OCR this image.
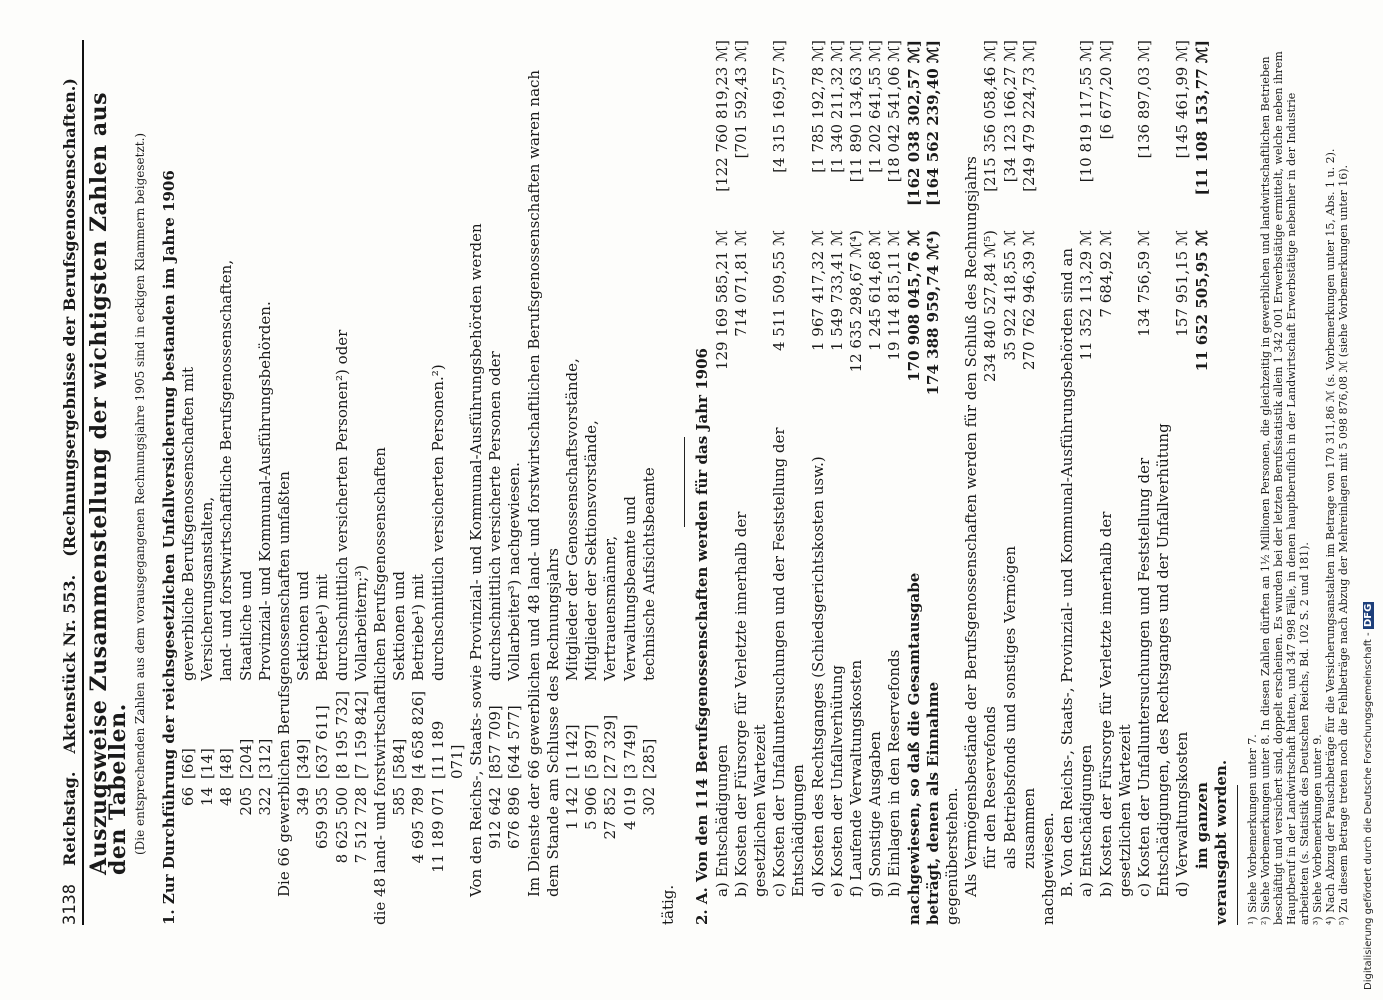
3138
Reichstag.
Aktenstück Nr. 553.
(Rechnungsergebnisse der Berufsgenossenschaften.) Auszugsweise Zusammenstellung der wichtigsten Zahlen aus den Tabellen. (Die entsprechenden Zahlen aus dem vorausgegangenen Rechnungsjahre 1905 sind in eckigen Klammern beigesetzt.) 1. Zur Durchführung der reichsgesetzlichen Unfallversicherung bestanden im Jahre 1906 66
[66]
gewerbliche Berufsgenossenschaften mit
14
[14]
Versicherungsanstalten,
48
[48]
land- und forstwirtschaftliche Berufsgenossenschaften,
205
[204]
Staatliche und
322
[312]
Provinzial- und Kommunal-Ausführungsbehörden. Die 66 gewerblichen Berufsgenossenschaften umfaßten 349
[349]
Sektionen und
659 935
[637 611]
Betriebe¹) mit
8 625 500
[8 195 732]
durchschnittlich versicherten Personen²) oder
7 512 728
[7 159 842]
Vollarbeitern;³) die 48 land- und forstwirtschaftlichen Berufsgenossenschaften 585
[584]
Sektionen und
4 695 789
[4 658 826]
Betriebe¹) mit
11 189 071
[11 189 071]
durchschnittlich versicherten Personen.²)	Von den Reichs-, Staats- sowie Provinzial- und Kommunal-Ausführungsbehörden werden 912 642
[857 709]
durchschnittlich versicherte Personen oder
676 896
[644 577]
Vollarbeiter³) nachgewiesen. Im Dienste der 66 gewerblichen und 48 land- und forstwirtschaftlichen Berufsgenossenschaften waren nach dem Stande am Schlusse des Rechnungsjahrs 1 142
[1 142]
Mitglieder der Genossenschaftsvorstände,
5 906
[5 897]
Mitglieder der Sektionsvorstände,
27 852
[27 329]
Vertrauensmänner,
4 019
[3 749]
Verwaltungsbeamte und
302
[285]
technische Aufsichtsbeamte

tätig. 2. A. Von den 114 Berufsgenossenschaften werden für das Jahr 1906 a) Entschädigungen
129 169 585,21 ℳ
[122 760 819,23 ℳ]
b) Kosten der Fürsorge für Verletzte innerhalb der gesetzlichen Wartezeit
714 071,81 ℳ
[701 592,43 ℳ]
c) Kosten der Unfalluntersuchungen und der Feststellung der Entschädigungen
4 511 509,55 ℳ
[4 315 169,57 ℳ]
d) Kosten des Rechtsganges (Schiedsgerichtskosten usw.)
1 967 417,32 ℳ
[1 785 192,78 ℳ]
e) Kosten der Unfallverhütung
1 549 733,41 ℳ
[1 340 211,32 ℳ]
f) Laufende Verwaltungskosten
12 635 298,67 ℳ⁴)
[11 890 134,63 ℳ]
g) Sonstige Ausgaben
1 245 614,68 ℳ
[1 202 641,55 ℳ]
h) Einlagen in den Reservefonds
19 114 815,11 ℳ
[18 042 541,06 ℳ]
nachgewiesen, so daß die Gesamtausgabe
170 908 045,76 ℳ
[162 038 302,57 ℳ]
beträgt, denen als Einnahme
174 388 959,74 ℳ⁴)
[164 562 239,40 ℳ]

gegenüberstehen. Als Vermögensbestände der Berufsgenossenschaften werden für den Schluß des Rechnungsjahrs für den Reservefonds
234 840 527,84 ℳ⁵)
[215 356 058,46 ℳ]
als Betriebsfonds und sonstiges Vermögen
35 922 418,55 ℳ
[34 123 166,27 ℳ]
zusammen
270 762 946,39 ℳ
[249 479 224,73 ℳ]

nachgewiesen. B. Von den Reichs-, Staats-, Provinzial- und Kommunal-Ausführungsbehörden sind an a) Entschädigungen
11 352 113,29 ℳ
[10 819 117,55 ℳ]
b) Kosten der Fürsorge für Verletzte innerhalb der gesetzlichen Wartezeit
7 684,92 ℳ
[6 677,20 ℳ]
c) Kosten der Unfalluntersuchungen und Feststellung der Entschädigungen, des Rechtsganges und der Unfallverhütung
134 756,59 ℳ
[136 897,03 ℳ]
d) Verwaltungskosten
157 951,15 ℳ
[145 461,99 ℳ]
im ganzen
11 652 505,95 ℳ
[11 108 153,77 ℳ]

verausgabt worden. ¹) Siehe Vorbemerkungen unter 7. ²) Siehe Vorbemerkungen unter 8. In diesen Zahlen dürften an 1½ Millionen Personen, die gleichzeitig in gewerblichen und landwirtschaftlichen Betrieben beschäftigt und versichert sind, doppelt erscheinen. Es wurden bei der letzten Berufsstatistik allein 1 342 001 Erwerbstätige ermittelt, welche neben ihrem Hauptberuf in der Landwirtschaft hatten, und 347 998 Fälle, in denen hauptberuflich in der Landwirtschaft Erwerbstätige nebenher in der Industrie arbeiteten (s. Statistik des Deutschen Reichs, Bd. 102 S. 2 und 181). ³) Siehe Vorbemerkungen unter 9. ⁴) Nach Abzug der Pauschbeträge für die Versicherungsanstalten im Betrage von 170 311,86 ℳ (s. Vorbemerkungen unter 15, Abs. 1 u. 2). ⁵) Zu diesem Betrage treten noch die Fehlbeträge nach Abzug der Mehreinlagen mit 5 098 876,08 ℳ (siehe Vorbemerkungen unter 16). Digitalisierung gefördert durch die Deutsche Forschungsgemeinschaft - DFG
